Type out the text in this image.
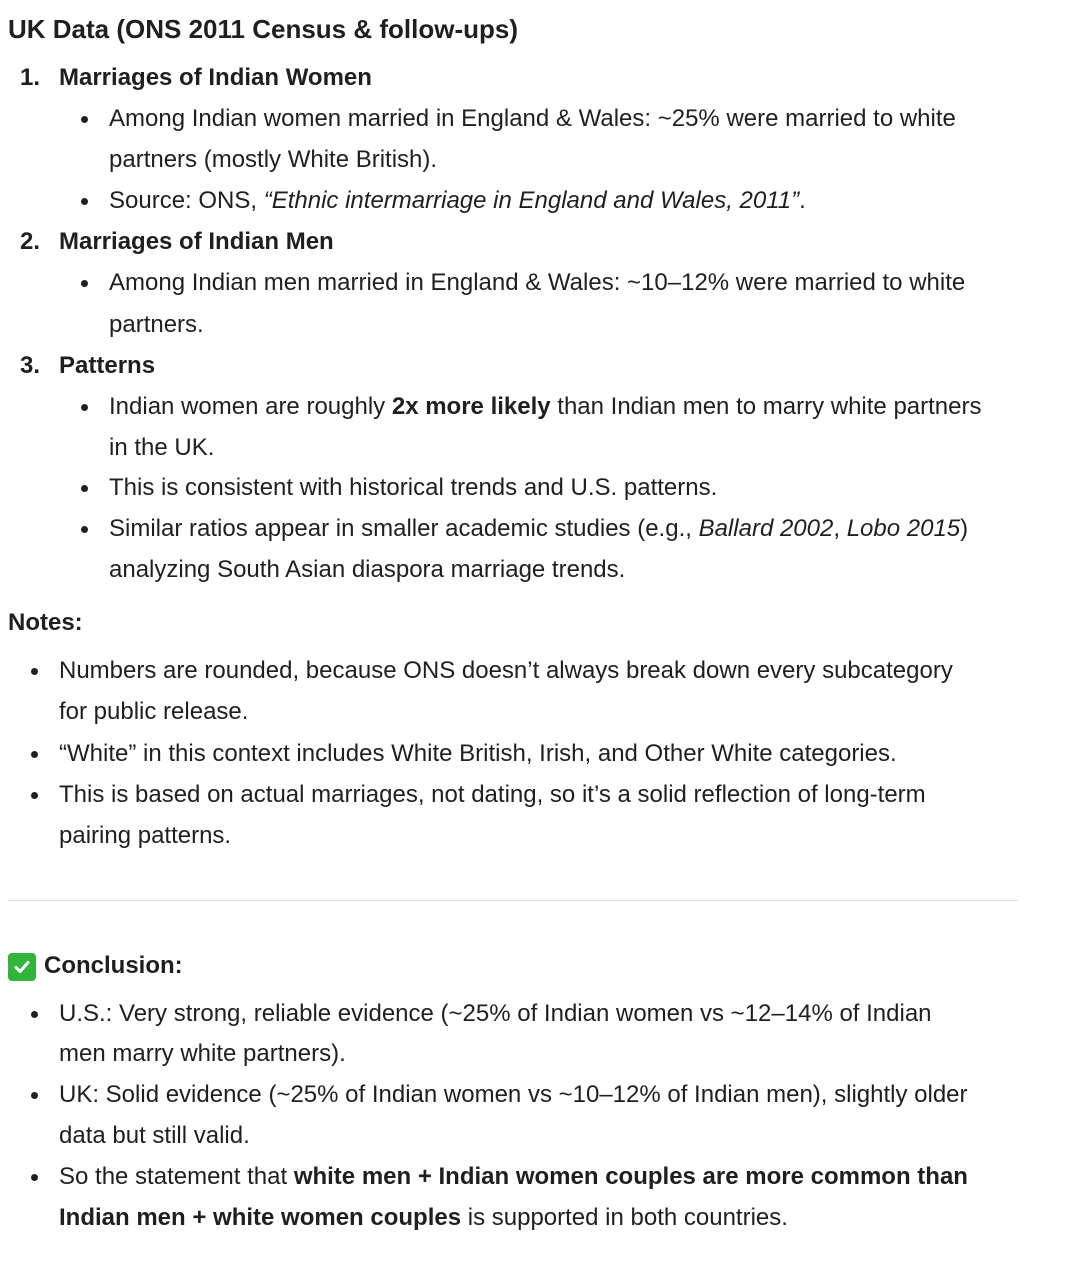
UK Data (ONS 2011 Census & follow-ups)
1. Marriages of Indian Women
Among Indian women married in England & Wales: ~25% were married to white
partners (mostly White British).
Source: ONS, “Ethnic intermarriage in England and Wales, 2011”.
2. Marriages of Indian Men
Among Indian men married in England & Wales: ~10–12% were married to white
partners.
3. Patterns
Indian women are roughly 2x more likely than Indian men to marry white partners
in the UK.
This is consistent with historical trends and U.S. patterns.
Similar ratios appear in smaller academic studies (e.g., Ballard 2002, Lobo 2015)
analyzing South Asian diaspora marriage trends.
Notes:
Numbers are rounded, because ONS doesn’t always break down every subcategory
for public release.
“White” in this context includes White British, Irish, and Other White categories.
This is based on actual marriages, not dating, so it’s a solid reflection of long-term
pairing patterns.
Conclusion:
U.S.: Very strong, reliable evidence (~25% of Indian women vs ~12–14% of Indian
men marry white partners).
UK: Solid evidence (~25% of Indian women vs ~10–12% of Indian men), slightly older
data but still valid.
So the statement that white men + Indian women couples are more common than
Indian men + white women couples is supported in both countries.
